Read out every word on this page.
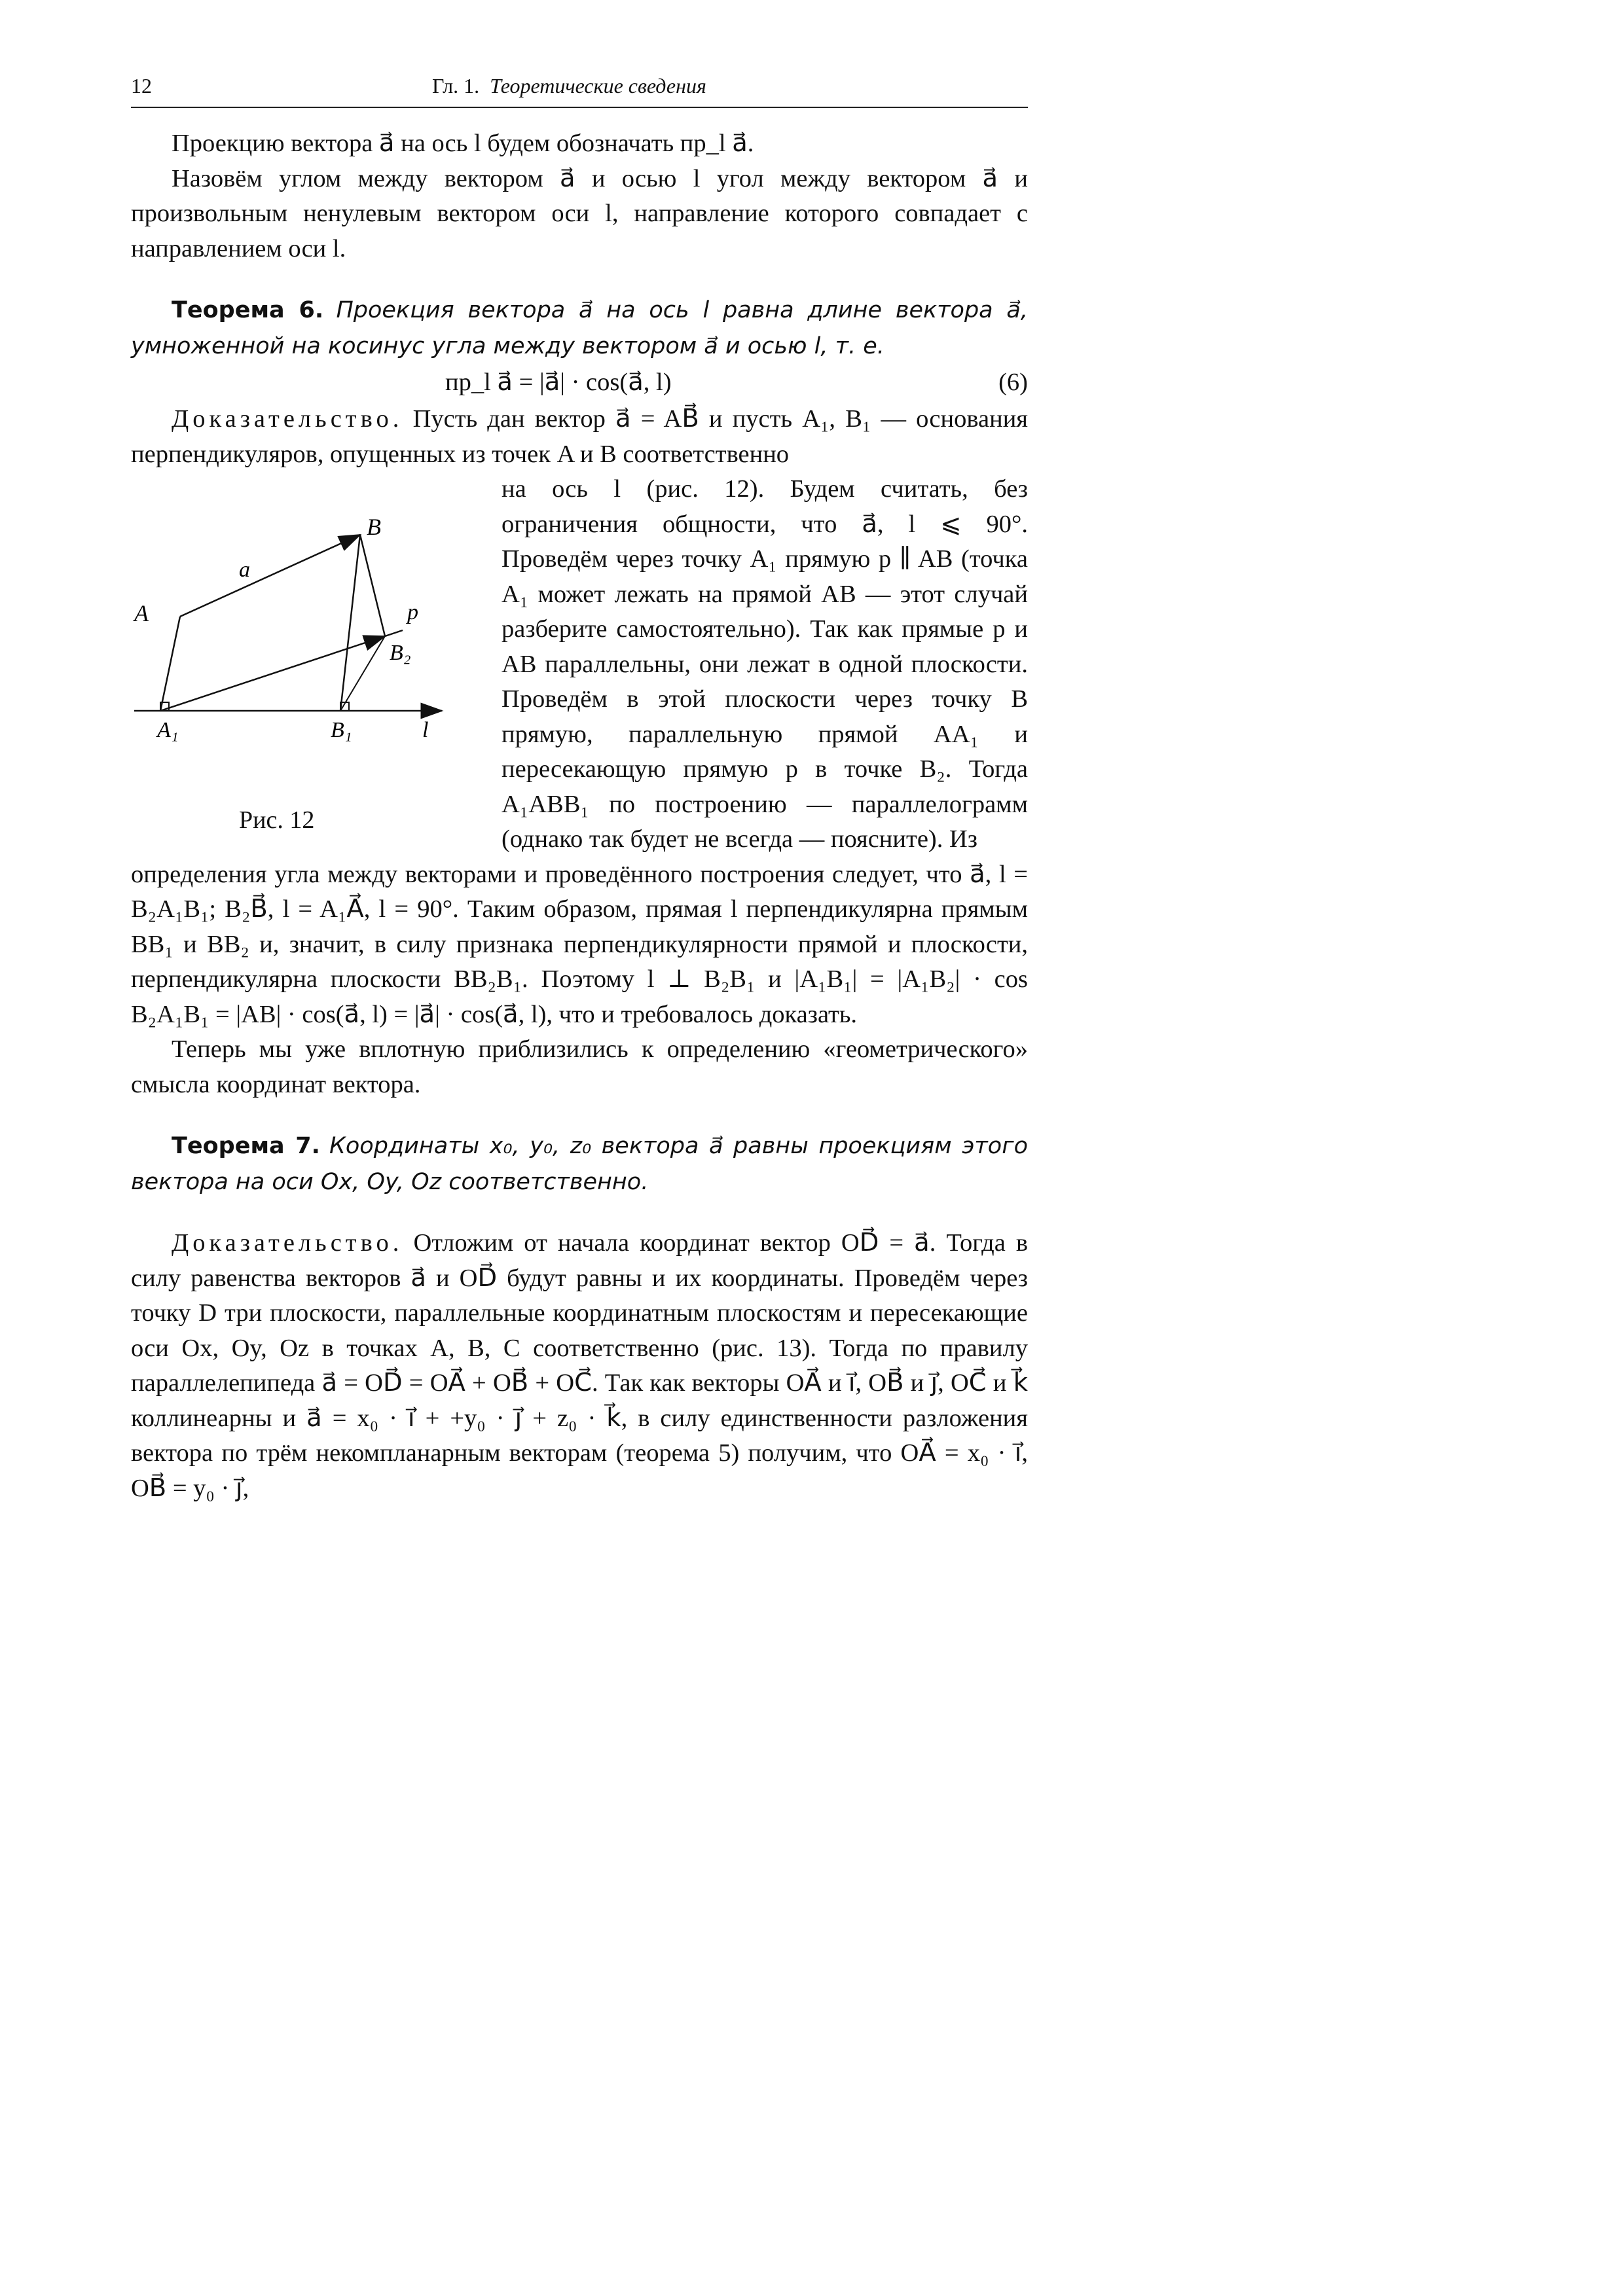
12	Гл. 1. Теоретические сведения

Проекцию вектора a⃗ на ось l будем обозначать пр_l a⃗.

Назовём углом между вектором a⃗ и осью l угол между вектором a⃗ и произвольным ненулевым вектором оси l, направление которого совпадает с направлением оси l.

Теорема 6. Проекция вектора a⃗ на ось l равна длине вектора a⃗, умноженной на косинус угла между вектором a⃗ и осью l, т. е.

пр_l a⃗ = |a⃗| · cos(a⃗, l)	(6)

Доказательство. Пусть дан вектор a⃗ = AB⃗ и пусть A₁, B₁ — основания перпендикуляров, опущенных из точек A и B соответственно

A
B
A₁	B₁
B₂
p
l
a⃗
Рис. 12

на ось l (рис. 12). Будем считать, без ограничения общности, что a⃗, l ⩽ 90°. Проведём через точку A₁ прямую p ∥ AB (точка A₁ может лежать на прямой AB — этот случай разберите самостоятельно). Так как прямые p и AB параллельны, они лежат в одной плоскости. Проведём в этой плоскости через точку B прямую, параллельную прямой AA₁ и пересекающую прямую p в точке B₂. Тогда A₁ABB₁ по построению — параллелограмм (однако так будет не всегда — поясните). Из

определения угла между векторами и проведённого построения следует, что a⃗, l = B₂A₁B₁; B₂B⃗, l = A₁A⃗, l = 90°. Таким образом, прямая l перпендикулярна прямым BB₁ и BB₂ и, значит, в силу признака перпендикулярности прямой и плоскости, перпендикулярна плоскости BB₂B₁. Поэтому l ⊥ B₂B₁ и |A₁B₁| = |A₁B₂| · cos B₂A₁B₁ = |AB| · cos(a⃗, l) = |a⃗| · cos(a⃗, l), что и требовалось доказать.

Теперь мы уже вплотную приблизились к определению «геометрического» смысла координат вектора.

Теорема 7. Координаты x₀, y₀, z₀ вектора a⃗ равны проекциям этого вектора на оси Ox, Oy, Oz соответственно.

Доказательство. Отложим от начала координат вектор OD⃗ = a⃗. Тогда в силу равенства векторов a⃗ и OD⃗ будут равны и их координаты. Проведём через точку D три плоскости, параллельные координатным плоскостям и пересекающие оси Ox, Oy, Oz в точках A, B, C соответственно (рис. 13). Тогда по правилу параллелепипеда a⃗ = OD⃗ = OA⃗ + OB⃗ + OC⃗. Так как векторы OA⃗ и i⃗, OB⃗ и j⃗, OC⃗ и k⃗ коллинеарны и a⃗ = x₀ · i⃗ + +y₀ · j⃗ + z₀ · k⃗, в силу единственности разложения вектора по трём некомпланарным векторам (теорема 5) получим, что OA⃗ = x₀ · i⃗, OB⃗ = y₀ · j⃗,
